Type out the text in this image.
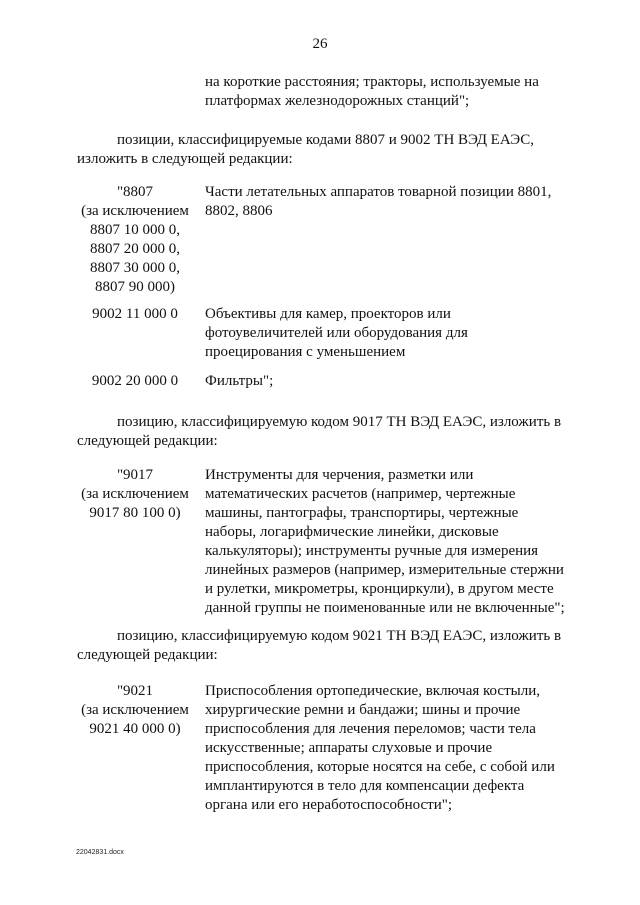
26
на короткие расстояния; тракторы, используемые на
платформах железнодорожных станций";
позиции, классифицируемые кодами 8807 и 9002 ТН ВЭД ЕАЭС,
изложить в следующей редакции:
"8807
(за исключением
8807 10 000 0,
8807 20 000 0,
8807 30 000 0,
8807 90 000)
Части летательных аппаратов товарной позиции 8801,
8802, 8806
9002 11 000 0	Объективы для камер, проекторов или
фотоувеличителей или оборудования для
проецирования с уменьшением
9002 20 000 0	Фильтры";
позицию, классифицируемую кодом 9017 ТН ВЭД ЕАЭС, изложить в
следующей редакции:
"9017
(за исключением
9017 80 100 0)
Инструменты для черчения, разметки или
математических расчетов (например, чертежные
машины, пантографы, транспортиры, чертежные
наборы, логарифмические линейки, дисковые
калькуляторы); инструменты ручные для измерения
линейных размеров (например, измерительные стержни
и рулетки, микрометры, кронциркули), в другом месте
данной группы не поименованные или не включенные";
позицию, классифицируемую кодом 9021 ТН ВЭД ЕАЭС, изложить в
следующей редакции:
"9021
(за исключением
9021 40 000 0)
Приспособления ортопедические, включая костыли,
хирургические ремни и бандажи; шины и прочие
приспособления для лечения переломов; части тела
искусственные; аппараты слуховые и прочие
приспособления, которые носятся на себе, с собой или
имплантируются в тело для компенсации дефекта
органа или его неработоспособности";
22042831.docx
